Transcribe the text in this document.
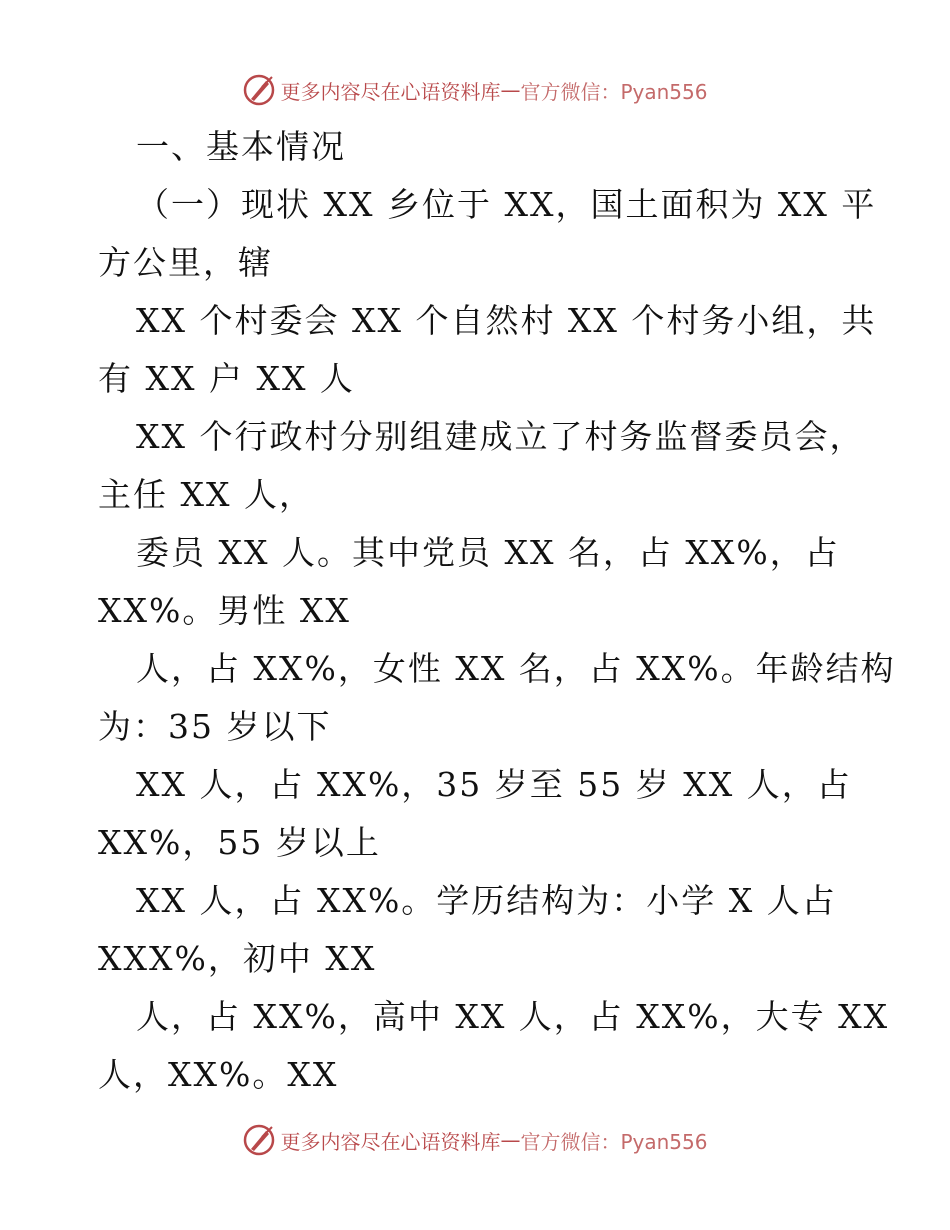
更多内容尽在心语资料库 — 官方微信：Pyan556
一、基本情况
（一）现状 XX 乡位于 XX，国土面积为 XX 平
方公里，辖
XX 个村委会 XX 个自然村 XX 个村务小组，共
有 XX 户 XX 人
XX 个行政村分别组建成立了村务监督委员会，
主任 XX 人，
委员 XX 人。其中党员 XX 名，占 XX%，占
XX%。男性 XX
人，占 XX%，女性 XX 名，占 XX%。年龄结构
为：35 岁以下
XX 人，占 XX%，35 岁至 55 岁 XX 人，占
XX%，55 岁以上
XX 人，占 XX%。学历结构为：小学 X 人占
XXX%，初中 XX
人，占 XX%，高中 XX 人，占 XX%，大专 XX
人，XX%。XX
更多内容尽在心语资料库 — 官方微信：Pyan556
